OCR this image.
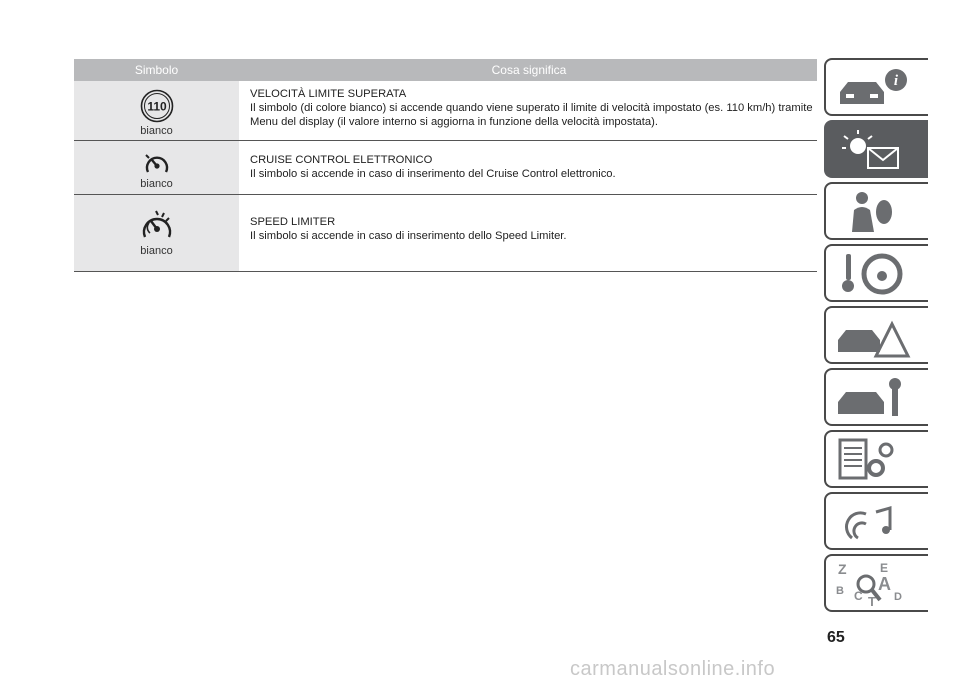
Simbolo	Cosa significa
110
bianco
VELOCITÀ LIMITE SUPERATA
Il simbolo (di colore bianco) si accende quando viene superato il limite di velocità impostato (es. 110 km/h) tramite Menu del display (il valore interno si aggiorna in funzione della velocità impostata).
bianco
CRUISE CONTROL ELETTRONICO
Il simbolo si accende in caso di inserimento del Cruise Control elettronico.
bianco
SPEED LIMITER
Il simbolo si accende in caso di inserimento dello Speed Limiter.
i
Z	E
A
B C T D
65
carmanualsonline.info
